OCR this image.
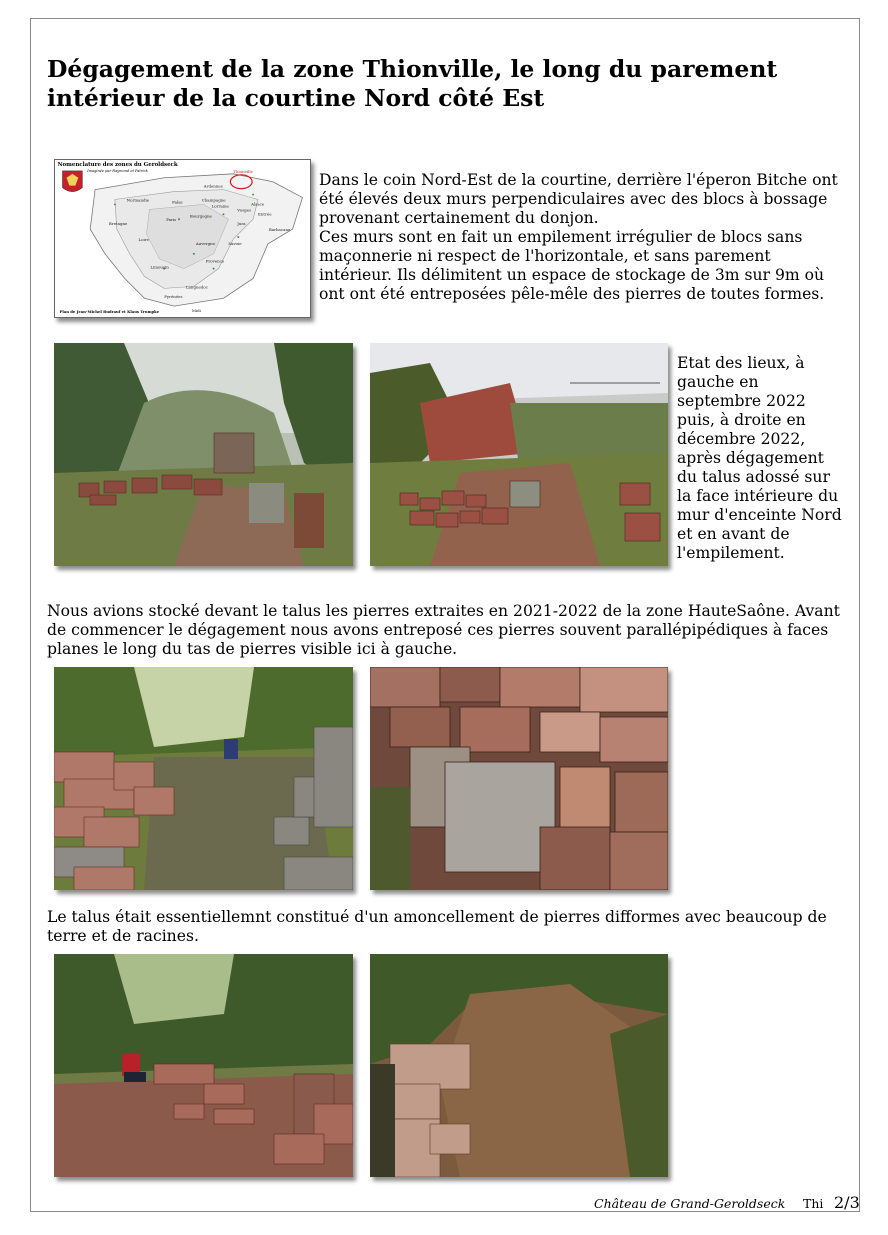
Dégagement de la zone Thionville, le long du parement intérieur de la courtine Nord côté Est
Nomenclature des zones du Geroldseck
Imaginée par Raymond et Patrick	Thionville
Ardennes
Normandie	Palas	Champagne
Alsace
Paris
Bourgogne
Bretagne
Lorraine
Vosges
Entrée
Barbacane
Jura
Loire
Auvergne	Savoie
Limousin
Provence
Languedoc
Pyrénées
Midi
Plan de Jean-Michel Rudrauf et Klaus Trumpke

Dans le coin Nord-Est de la courtine, derrière l'éperon Bitche ont été élevés deux murs perpendiculaires avec des blocs à bossage provenant certainement du donjon.

Ces murs sont en fait un empilement irrégulier de blocs sans maçonnerie ni respect de l'horizontale, et sans parement intérieur. Ils délimitent un espace de stockage de 3m sur 9m où ont ont été entreposées pêle-mêle des pierres de toutes formes.

Etat des lieux, à gauche en septembre 2022 puis, à droite en décembre 2022, après dégagement du talus adossé sur la face intérieure du mur d'enceinte Nord et en avant de l'empilement.

Nous avions stocké devant le talus les pierres extraites en 2021-2022 de la zone HauteSaône. Avant de commencer le dégagement nous avons entreposé ces pierres souvent parallépipédiques à faces planes le long du tas de pierres visible ici à gauche.

Le talus était essentiellemnt constitué d'un amoncellement de pierres difformes avec beaucoup de terre et de racines.

Château de Grand-Geroldseck Thi 2/3
